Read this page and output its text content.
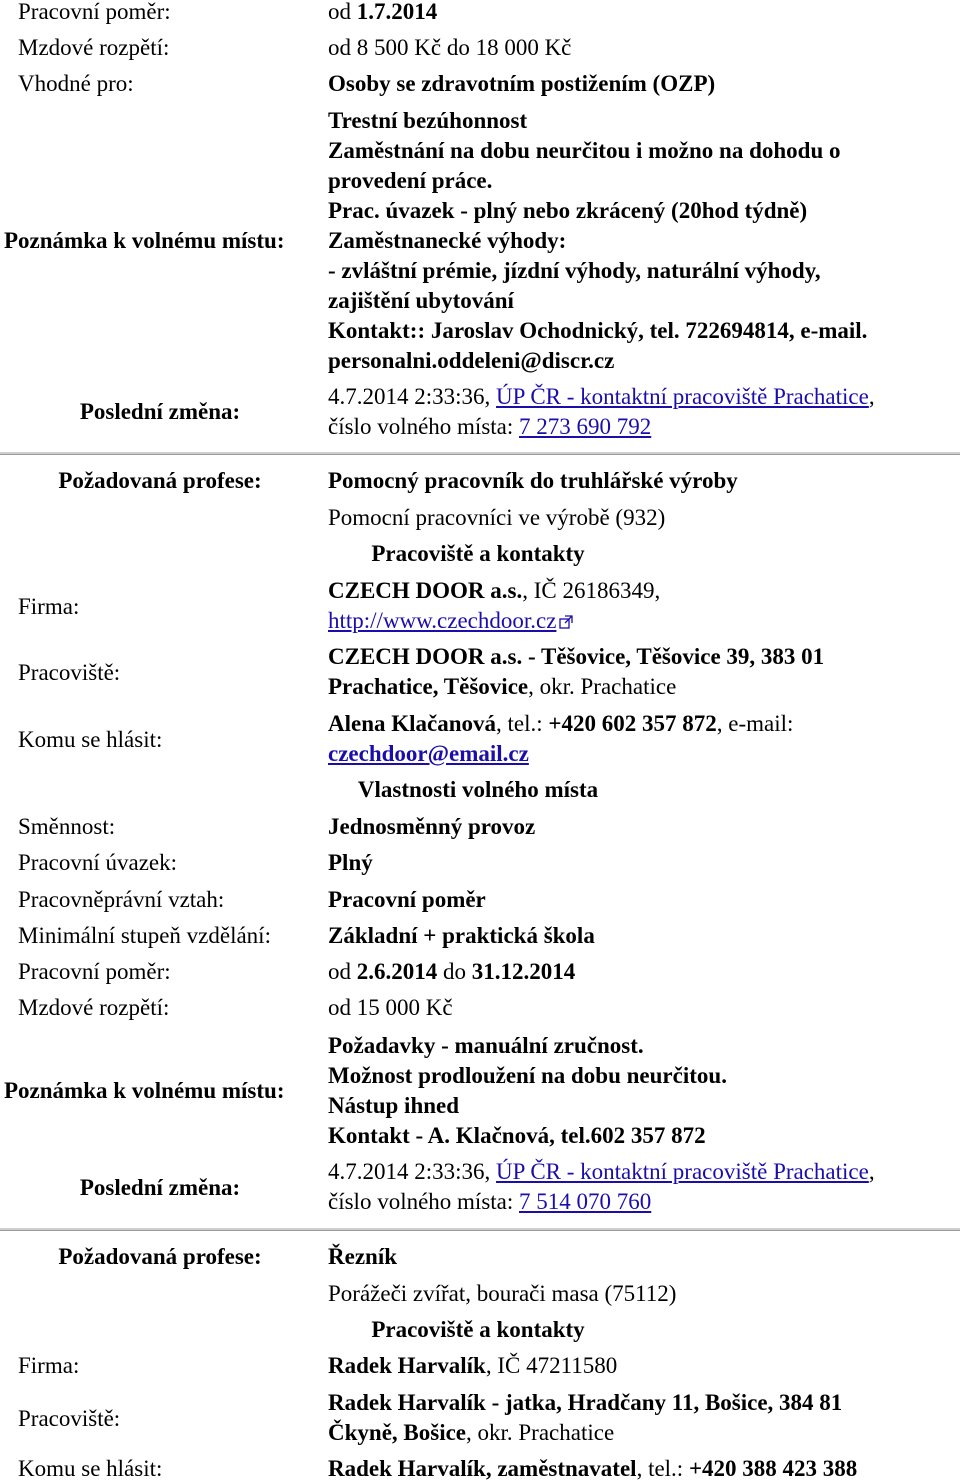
Pracovní poměr:	od 1.7.2014
Mzdové rozpětí:	od 8 500 Kč do 18 000 Kč
Vhodné pro:	Osoby se zdravotním postižením (OZP)
Poznámka k volnému místu:
Trestní bezúhonnost
Zaměstnání na dobu neurčitou i možno na dohodu o
provedení práce.
Prac. úvazek - plný nebo zkrácený (20hod týdně)
Zaměstnanecké výhody:
- zvláštní prémie, jízdní výhody, naturální výhody,
zajištění ubytování
Kontakt:: Jaroslav Ochodnický, tel. 722694814, e-mail.
personalni.oddeleni@discr.cz
Poslední změna:
4.7.2014 2:33:36, ÚP ČR - kontaktní pracoviště Prachatice,
číslo volného místa: 7 273 690 792
Požadovaná profese:	Pomocný pracovník do truhlářské výroby
Pomocní pracovníci ve výrobě (932)
Pracoviště a kontakty
Firma:
CZECH DOOR a.s., IČ 26186349,
http://www.czechdoor.cz
Pracoviště:
CZECH DOOR a.s. - Těšovice, Těšovice 39, 383 01
Prachatice, Těšovice, okr. Prachatice
Komu se hlásit:
Alena Klačanová, tel.: +420 602 357 872, e-mail:
czechdoor@email.cz
Vlastnosti volného místa
Směnnost:	Jednosměnný provoz
Pracovní úvazek:	Plný
Pracovněprávní vztah:	Pracovní poměr
Minimální stupeň vzdělání: Základní + praktická škola
Pracovní poměr:	od 2.6.2014 do 31.12.2014
Mzdové rozpětí:	od 15 000 Kč
Poznámka k volnému místu:
Požadavky - manuální zručnost.
Možnost prodloužení na dobu neurčitou.
Nástup ihned
Kontakt - A. Klačnová, tel.602 357 872
Poslední změna:
4.7.2014 2:33:36, ÚP ČR - kontaktní pracoviště Prachatice,
číslo volného místa: 7 514 070 760
Požadovaná profese:	Řezník
Porážeči zvířat, bourači masa (75112)
Pracoviště a kontakty
Firma:	Radek Harvalík, IČ 47211580
Pracoviště:
Radek Harvalík - jatka, Hradčany 11, Bošice, 384 81
Čkyně, Bošice, okr. Prachatice
Komu se hlásit:	Radek Harvalík, zaměstnavatel, tel.: +420 388 423 388
